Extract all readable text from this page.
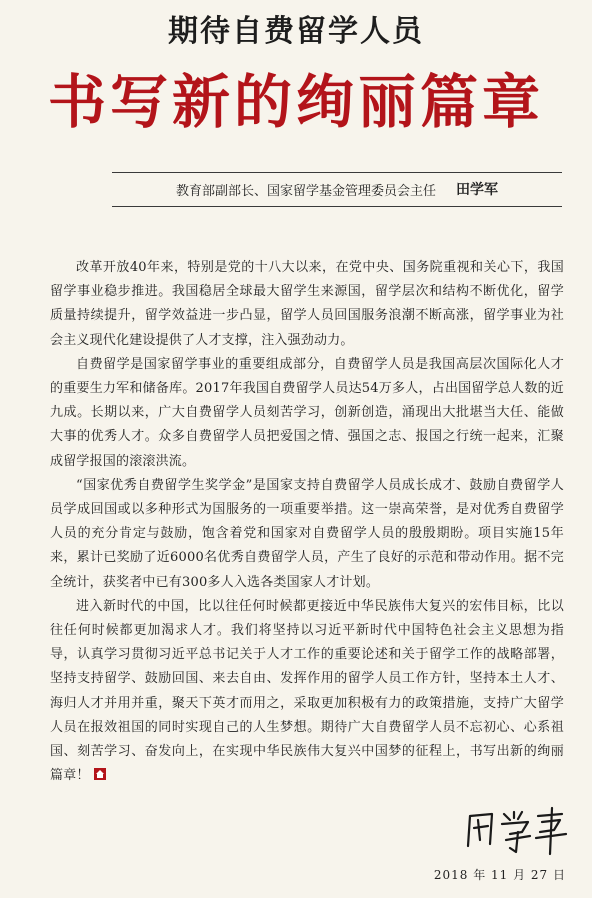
期待自费留学人员
书写新的绚丽篇章
教育部副部长、国家留学基金管理委员会主任 田学军

改革开放40年来，特别是党的十八大以来，在党中央、国务院重视和关心下，我国留学事业稳步推进。我国稳居全球最大留学生来源国，留学层次和结构不断优化，留学质量持续提升，留学效益进一步凸显，留学人员回国服务浪潮不断高涨，留学事业为社会主义现代化建设提供了人才支撑，注入强劲动力。

自费留学是国家留学事业的重要组成部分，自费留学人员是我国高层次国际化人才的重要生力军和储备库。2017年我国自费留学人员达54万多人，占出国留学总人数的近九成。长期以来，广大自费留学人员刻苦学习，创新创造，涌现出大批堪当大任、能做大事的优秀人才。众多自费留学人员把爱国之情、强国之志、报国之行统一起来，汇聚成留学报国的滚滚洪流。

“国家优秀自费留学生奖学金”是国家支持自费留学人员成长成才、鼓励自费留学人员学成回国或以多种形式为国服务的一项重要举措。这一崇高荣誉，是对优秀自费留学人员的充分肯定与鼓励，饱含着党和国家对自费留学人员的殷殷期盼。项目实施15年来，累计已奖励了近6000名优秀自费留学人员，产生了良好的示范和带动作用。据不完全统计，获奖者中已有300多人入选各类国家人才计划。

进入新时代的中国，比以往任何时候都更接近中华民族伟大复兴的宏伟目标，比以往任何时候都更加渴求人才。我们将坚持以习近平新时代中国特色社会主义思想为指导，认真学习贯彻习近平总书记关于人才工作的重要论述和关于留学工作的战略部署，坚持支持留学、鼓励回国、来去自由、发挥作用的留学人员工作方针，坚持本土人才、海归人才并用并重，聚天下英才而用之，采取更加积极有力的政策措施，支持广大留学人员在报效祖国的同时实现自己的人生梦想。期待广大自费留学人员不忘初心、心系祖国、刻苦学习、奋发向上，在实现中华民族伟大复兴中国梦的征程上，书写出新的绚丽篇章！

2018 年 11 月 27 日
